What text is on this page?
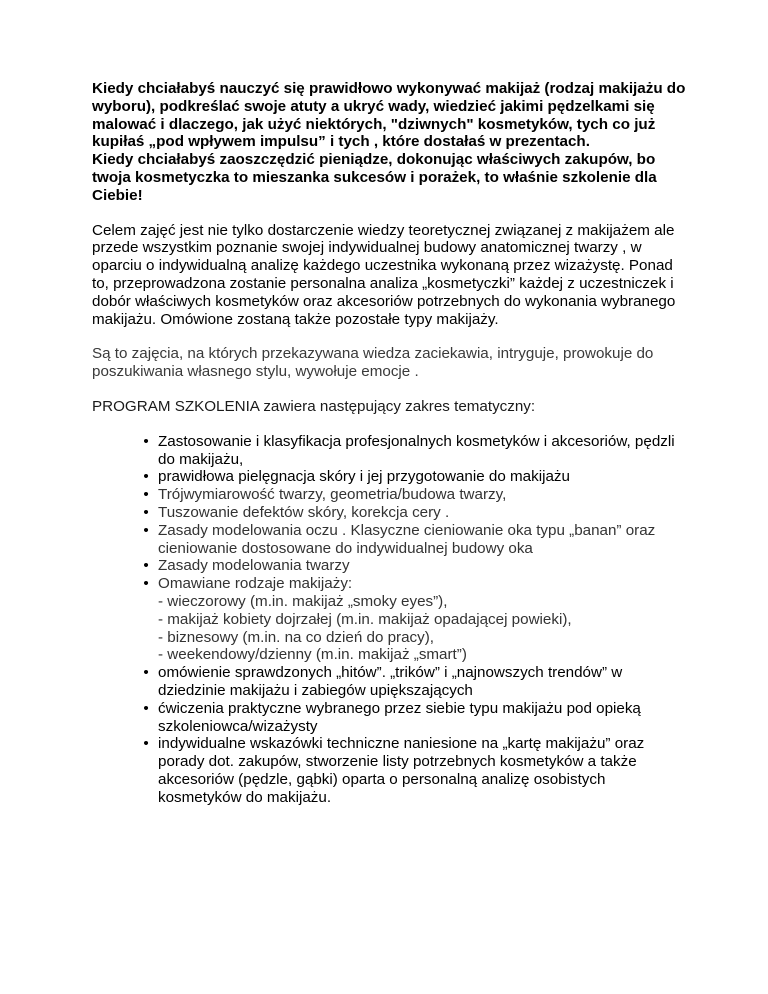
Kiedy chciałabyś nauczyć się prawidłowo wykonywać makijaż (rodzaj makijażu do wyboru), podkreślać swoje atuty a ukryć wady, wiedzieć jakimi pędzelkami się malować i dlaczego, jak użyć niektórych, "dziwnych" kosmetyków, tych co już kupiłaś „pod wpływem impulsu” i tych , które dostałaś w prezentach.
Kiedy chciałabyś zaoszczędzić pieniądze, dokonując właściwych zakupów, bo twoja kosmetyczka to mieszanka sukcesów i porażek, to właśnie szkolenie dla Ciebie!

Celem zajęć jest nie tylko dostarczenie wiedzy teoretycznej związanej z makijażem ale przede wszystkim poznanie swojej indywidualnej budowy anatomicznej twarzy , w oparciu o indywidualną analizę każdego uczestnika wykonaną przez wizażystę. Ponad to, przeprowadzona zostanie personalna analiza „kosmetyczki” każdej z uczestniczek i dobór właściwych kosmetyków oraz akcesoriów potrzebnych do wykonania wybranego makijażu. Omówione zostaną także pozostałe typy makijaży.

Są to zajęcia, na których przekazywana wiedza zaciekawia, intryguje, prowokuje do poszukiwania własnego stylu, wywołuje emocje .

PROGRAM SZKOLENIA zawiera następujący zakres tematyczny:

• Zastosowanie i klasyfikacja profesjonalnych kosmetyków i akcesoriów, pędzli do makijażu,
• prawidłowa pielęgnacja skóry i jej przygotowanie do makijażu
• Trójwymiarowość twarzy, geometria/budowa twarzy,
• Tuszowanie defektów skóry, korekcja cery .
• Zasady modelowania oczu . Klasyczne cieniowanie oka typu „banan” oraz cieniowanie dostosowane do indywidualnej budowy oka
• Zasady modelowania twarzy
• Omawiane rodzaje makijaży:
- wieczorowy (m.in. makijaż „smoky eyes”),
- makijaż kobiety dojrzałej (m.in. makijaż opadającej powieki),
- biznesowy (m.in. na co dzień do pracy),
- weekendowy/dzienny (m.in. makijaż „smart”)
• omówienie sprawdzonych „hitów”. „trików” i „najnowszych trendów” w dziedzinie makijażu i zabiegów upiększających
• ćwiczenia praktyczne wybranego przez siebie typu makijażu pod opieką szkoleniowca/wizażysty
• indywidualne wskazówki techniczne naniesione na „kartę makijażu” oraz porady dot. zakupów, stworzenie listy potrzebnych kosmetyków a także akcesoriów (pędzle, gąbki) oparta o personalną analizę osobistych kosmetyków do makijażu.
